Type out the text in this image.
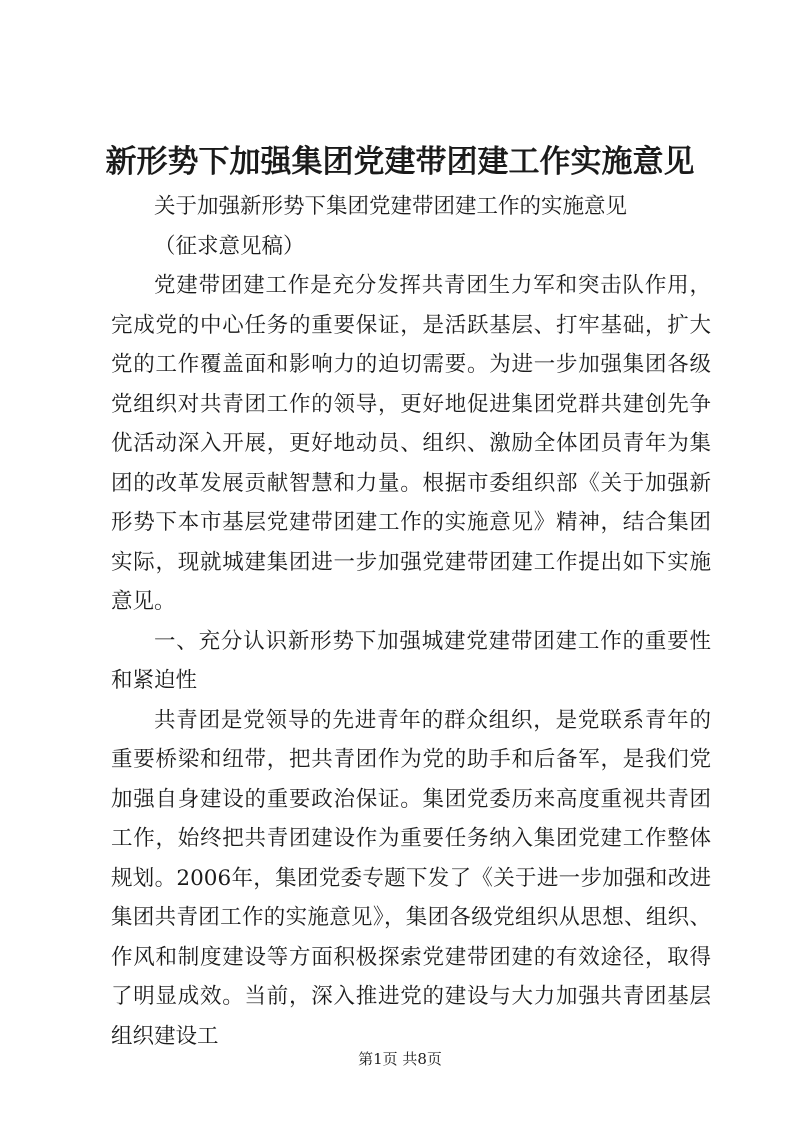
新形势下加强集团党建带团建工作实施意见

关于加强新形势下集团党建带团建工作的实施意见

（征求意见稿）

党建带团建工作是充分发挥共青团生力军和突击队作用，完成党的中心任务的重要保证，是活跃基层、打牢基础，扩大党的工作覆盖面和影响力的迫切需要。为进一步加强集团各级党组织对共青团工作的领导，更好地促进集团党群共建创先争优活动深入开展，更好地动员、组织、激励全体团员青年为集团的改革发展贡献智慧和力量。根据市委组织部《关于加强新形势下本市基层党建带团建工作的实施意见》精神，结合集团实际，现就城建集团进一步加强党建带团建工作提出如下实施意见。

一、充分认识新形势下加强城建党建带团建工作的重要性和紧迫性

共青团是党领导的先进青年的群众组织，是党联系青年的重要桥梁和纽带，把共青团作为党的助手和后备军，是我们党加强自身建设的重要政治保证。集团党委历来高度重视共青团工作，始终把共青团建设作为重要任务纳入集团党建工作整体规划。2006年，集团党委专题下发了《关于进一步加强和改进集团共青团工作的实施意见》，集团各级党组织从思想、组织、作风和制度建设等方面积极探索党建带团建的有效途径，取得了明显成效。当前，深入推进党的建设与大力加强共青团基层组织建设工

第1页 共8页
